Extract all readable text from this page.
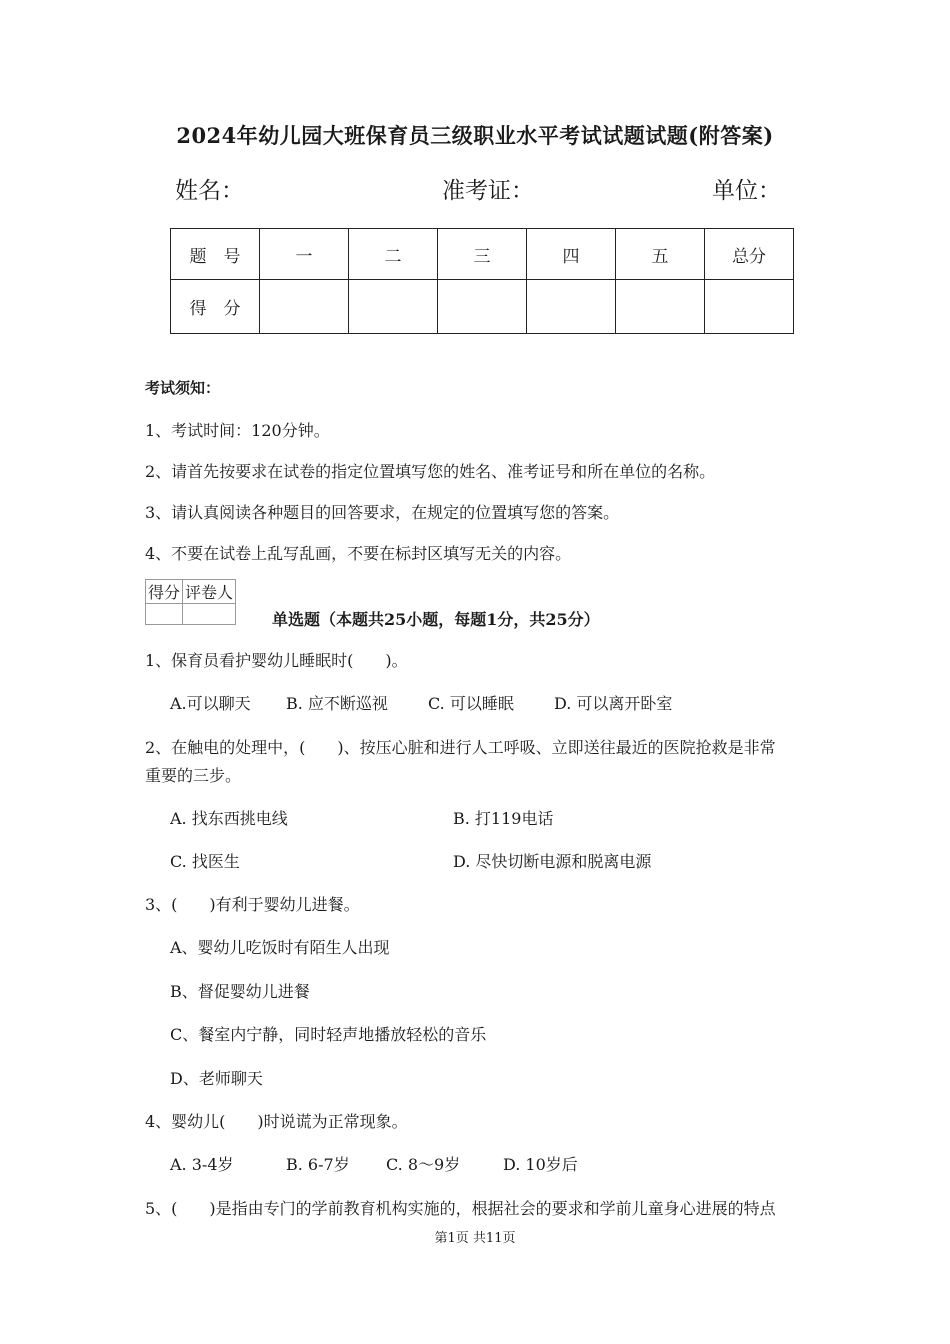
2024年幼儿园大班保育员三级职业水平考试试题试题(附答案)
姓名：	准考证：	单位：
题　号	一	二	三	四	五	总分
得　分						
考试须知：
1、考试时间：120分钟。
2、请首先按要求在试卷的指定位置填写您的姓名、准考证号和所在单位的名称。
3、请认真阅读各种题目的回答要求，在规定的位置填写您的答案。
4、不要在试卷上乱写乱画，不要在标封区填写无关的内容。
得分	评卷人

单选题（本题共25小题，每题1分，共25分）
1、保育员看护婴幼儿睡眠时(　　)。
A.可以聊天 B. 应不断巡视	C. 可以睡眠	D. 可以离开卧室
2、在触电的处理中，(　　)、按压心脏和进行人工呼吸、立即送往最近的医院抢救是非常
重要的三步。
A. 找东西挑电线	B. 打119电话
C. 找医生	D. 尽快切断电源和脱离电源
3、(　　)有利于婴幼儿进餐。
A、婴幼儿吃饭时有陌生人出现
B、督促婴幼儿进餐
C、餐室内宁静，同时轻声地播放轻松的音乐
D、老师聊天
4、婴幼儿(　　)时说谎为正常现象。
A. 3-4岁	B. 6-7岁 C. 8～9岁	D. 10岁后
5、(　　)是指由专门的学前教育机构实施的，根据社会的要求和学前儿童身心进展的特点
第1页 共11页
